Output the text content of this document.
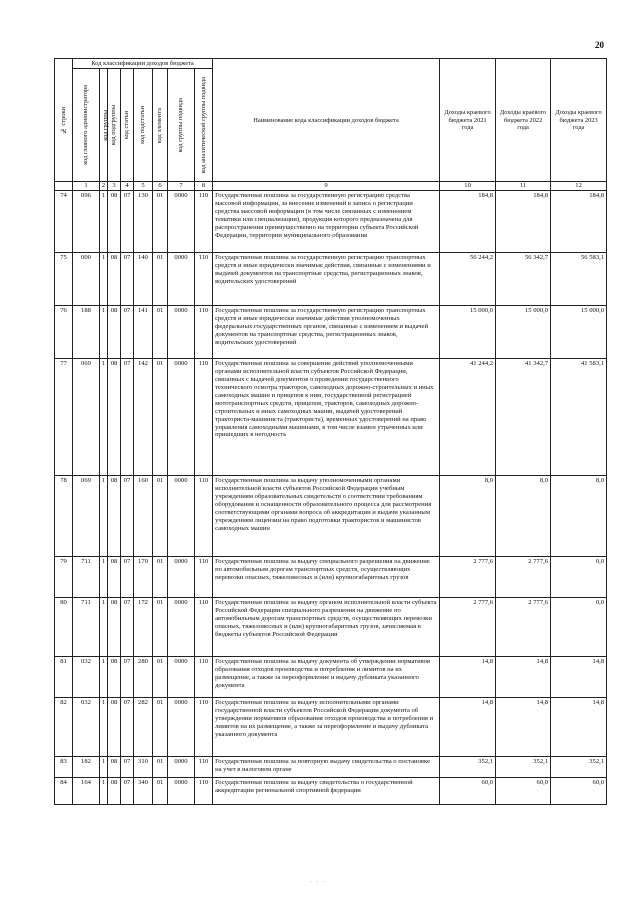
20
№ строки	Код классификации доходов бюджета								Наименование кода классификации доходов бюджета	Доходы краевого бюджета 2021 года	Доходы краевого бюджета 2022 года	Доходы краевого бюджета 2023 года

	код главного администратора	код группы	код подгруппы	код статьи	код подстатьи	код элемента	код группы подвида	код аналитической группы подвида				

	1	2	3	4	5	6	7	8	9	10	11	12
74	096	1	08	07	130	01	0000	110	Государственная пошлина за государственную регистрацию средства массовой информации, за внесение изменений в запись о регистрации средства массовой информации (в том числе связанных с изменением тематики или специализации), продукция которого предназначена для распространения преимущественно на территории субъекта Российской Федерации, территории муниципального образования	184,8	184,8	184,8
75	000	1	08	07	140	01	0000	110	Государственная пошлина за государственную регистрацию транспортных средств и иные юридически значимые действия, связанные с изменениями и выдачей документов на транспортные средства, регистрационных знаков, водительских удостоверений	56 244,2	56 342,7	56 583,1
76	188	1	08	07	141	01	0000	110	Государственная пошлина за государственную регистрацию транспортных средств и иные юридически значимые действия уполномоченных федеральных государственных органов, связанные с изменением и выдачей документов на транспортные средства, регистрационных знаков, водительских удостоверений	15 000,0	15 000,0	15 000,0
77	069	1	08	07	142	01	0000	110	Государственная пошлина за совершение действий уполномоченными органами исполнительной власти субъектов Российской Федерации, связанных с выдачей документов о проведении государственного технического осмотра тракторов, самоходных дорожно-строительных и иных самоходных машин и прицепов к ним, государственной регистрацией мототранспортных средств, прицепов, тракторов, самоходных дорожно-строительных и иных самоходных машин, выдачей удостоверений тракториста-машиниста (тракториста), временных удостоверений на право управления самоходными машинами, в том числе взамен утраченных или пришедших в негодность	41 244,2	41 342,7	41 583,1
78	069	1	08	07	160	01	0000	110	Государственная пошлина за выдачу уполномоченными органами исполнительной власти субъектов Российской Федерации учебным учреждениям образовательных свидетельств о соответствии требованиям оборудования и оснащенности образовательного процесса для рассмотрения соответствующими органами вопроса об аккредитации и выдачи указанным учреждениям лицензии на право подготовки трактористов и машинистов самоходных машин	8,0	8,0	8,0
79	711	1	08	07	170	01	0000	110	Государственная пошлина за выдачу специального разрешения на движение по автомобильным дорогам транспортных средств, осуществляющих перевозки опасных, тяжеловесных и (или) крупногабаритных грузов	2 777,6	2 777,6	0,0
80	711	1	08	07	172	01	0000	110	Государственная пошлина за выдачу органом исполнительной власти субъекта Российской Федерации специального разрешения на движение по автомобильным дорогам транспортных средств, осуществляющих перевозки опасных, тяжеловесных и (или) крупногабаритных грузов, зачисляемая в бюджеты субъектов Российской Федерации	2 777,6	2 777,6	0,0
81	032	1	08	07	280	01	0000	110	Государственная пошлина за выдачу документа об утверждении нормативов образования отходов производства и потребления и лимитов на их размещение, а также за переоформление и выдачу дубликата указанного документа	14,8	14,8	14,8
82	032	1	08	07	282	01	0000	110	Государственная пошлина за выдачу исполнительными органами государственной власти субъектов Российской Федерации документа об утверждении нормативов образования отходов производства и потребления и лимитов на их размещение, а также за переоформление и выдачу дубликата указанного документа	14,8	14,8	14,8
83	182	1	08	07	310	01	0000	110	Государственная пошлина за повторную выдачу свидетельства о постановке на учет в налоговом органе	352,1	352,1	352,1
84	164	1	08	07	340	01	0000	110	Государственная пошлина за выдачу свидетельства о государственной аккредитации региональной спортивной федерации	60,0	60,0	60,0
· · ·
